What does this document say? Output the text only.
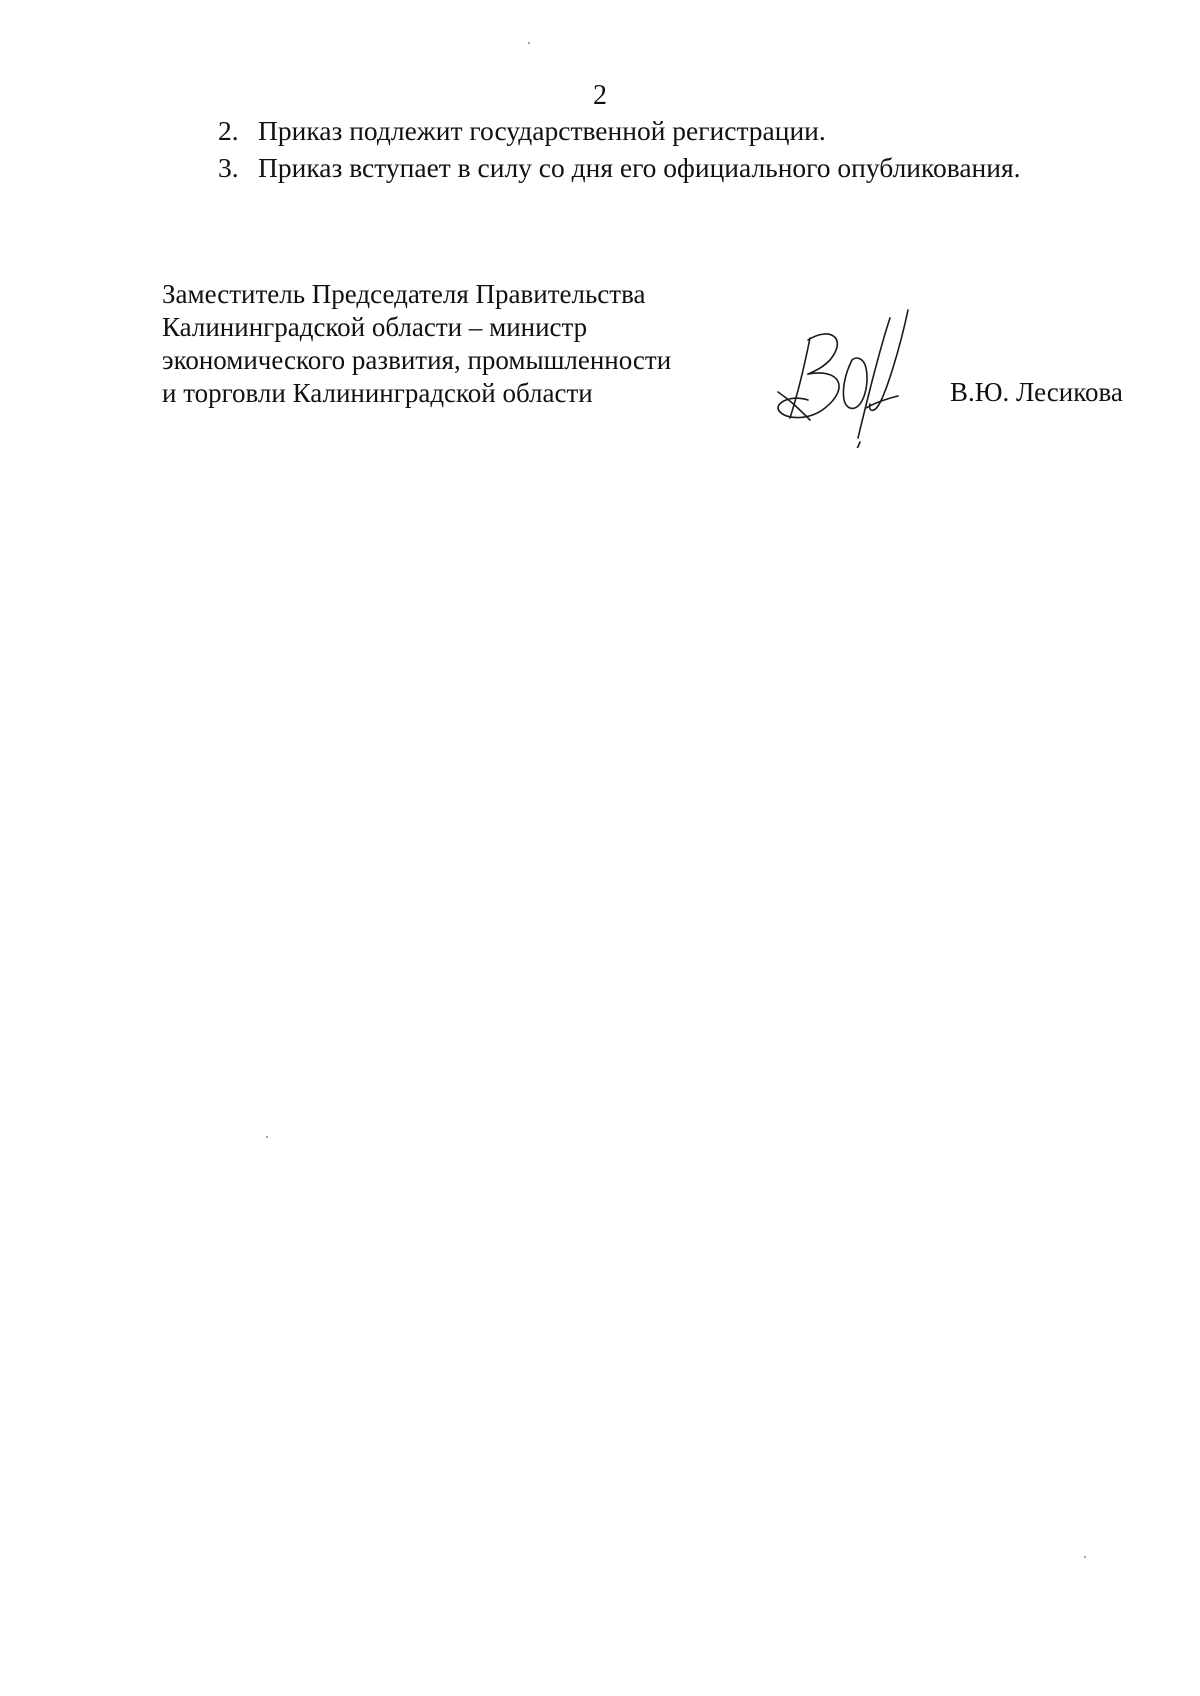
2
2. Приказ подлежит государственной регистрации.
3. Приказ вступает в силу со дня его официального опубликования.
Заместитель Председателя Правительства
Калининградской области – министр
экономического развития, промышленности
и торговли Калининградской области	В.Ю. Лесикова
